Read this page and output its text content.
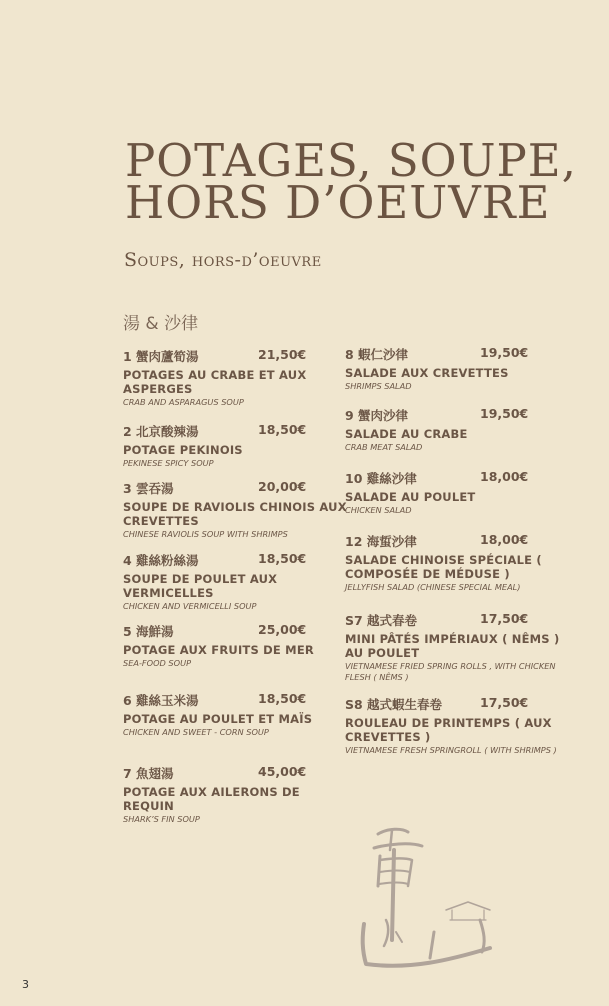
POTAGES, SOUPE,
HORS D’OEUVRE
Soups, hors-d’oeuvre
湯 & 沙律
1 蟹肉蘆筍湯	21,50€
POTAGES AU CRABE ET AUX ASPERGES
CRAB AND ASPARAGUS SOUP
2 北京酸辣湯	18,50€
POTAGE PEKINOIS
PEKINESE SPICY SOUP
3 雲吞湯	20,00€
SOUPE DE RAVIOLIS CHINOIS AUX CREVETTES
CHINESE RAVIOLIS SOUP WITH SHRIMPS
4 雞絲粉絲湯	18,50€
SOUPE DE POULET AUX VERMICELLES
CHICKEN AND VERMICELLI SOUP
5 海鮮湯	25,00€
POTAGE AUX FRUITS DE MER
SEA-FOOD SOUP
6 雞絲玉米湯	18,50€
POTAGE AU POULET ET MAÏS
CHICKEN AND SWEET - CORN SOUP
7 魚翅湯	45,00€
POTAGE AUX AILERONS DE REQUIN
SHARK’S FIN SOUP
8 蝦仁沙律	19,50€
SALADE AUX CREVETTES
SHRIMPS SALAD
9 蟹肉沙律	19,50€
SALADE AU CRABE
CRAB MEAT SALAD
10 雞絲沙律	18,00€
SALADE AU POULET
CHICKEN SALAD
12 海蜇沙律	18,00€
SALADE CHINOISE SPÉCIALE ( COMPOSÉE DE MÉDUSE )
JELLYFISH SALAD (CHINESE SPECIAL MEAL)
S7 越式春卷	17,50€
MINI PÂTÉS IMPÉRIAUX ( NÊMS ) AU POULET
VIETNAMESE FRIED SPRING ROLLS , WITH CHICKEN FLESH ( NÊMS )
S8 越式蝦生春卷	17,50€
ROULEAU DE PRINTEMPS ( AUX CREVETTES )
VIETNAMESE FRESH SPRINGROLL ( WITH SHRIMPS )
3
